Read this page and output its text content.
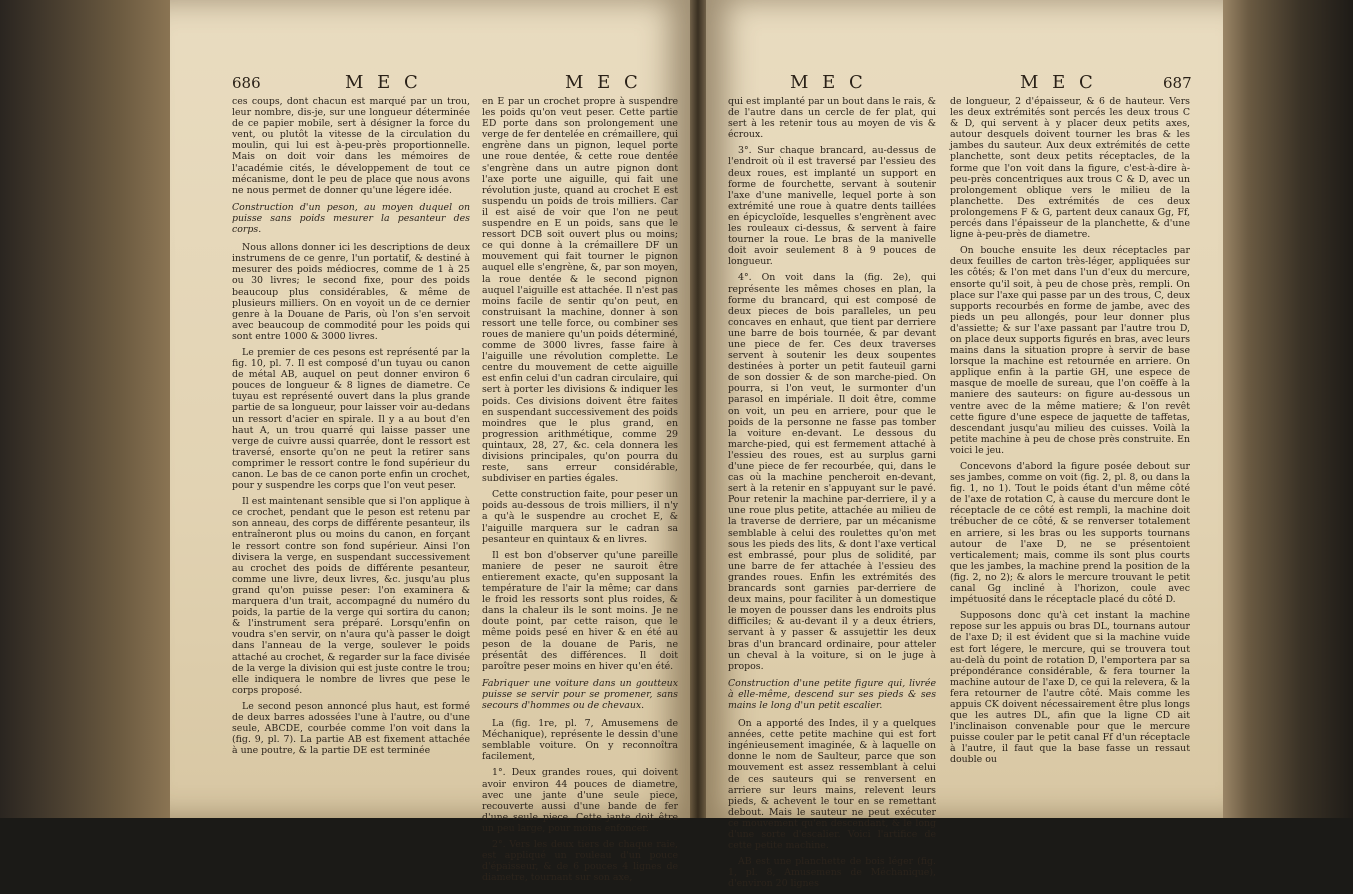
686	M E C	M E C

ces coups, dont chacun est marqué par un trou, leur nombre, dis-je, sur une longueur déterminée de ce papier mobile, sert à désigner la force du vent, ou plutôt la vitesse de la circulation du moulin, qui lui est à-peu-près proportionnelle. Mais on doit voir dans les mémoires de l'académie cités, le développement de tout ce mécanisme, dont le peu de place que nous avons ne nous permet de donner qu'une légere idée.

Construction d'un peson, au moyen duquel on puisse sans poids mesurer la pesanteur des corps.

Nous allons donner ici les descriptions de deux instrumens de ce genre, l'un portatif, & destiné à mesurer des poids médiocres, comme de 1 à 25 ou 30 livres; le second fixe, pour des poids beaucoup plus considérables, & même de plusieurs milliers. On en voyoit un de ce dernier genre à la Douane de Paris, où l'on s'en servoit avec beaucoup de commodité pour les poids qui sont entre 1000 & 3000 livres.

Le premier de ces pesons est représenté par la fig. 10, pl. 7. Il est composé d'un tuyau ou canon de métal AB, auquel on peut donner environ 6 pouces de longueur & 8 lignes de diametre. Ce tuyau est représenté ouvert dans la plus grande partie de sa longueur, pour laisser voir au-dedans un ressort d'acier en spirale. Il y a au bout d'en haut A, un trou quarré qui laisse passer une verge de cuivre aussi quarrée, dont le ressort est traversé, ensorte qu'on ne peut la retirer sans comprimer le ressort contre le fond supérieur du canon. Le bas de ce canon porte enfin un crochet, pour y suspendre les corps que l'on veut peser.

Il est maintenant sensible que si l'on applique à ce crochet, pendant que le peson est retenu par son anneau, des corps de différente pesanteur, ils entraîneront plus ou moins du canon, en forçant le ressort contre son fond supérieur. Ainsi l'on divisera la verge, en suspendant successivement au crochet des poids de différente pesanteur, comme une livre, deux livres, &c. jusqu'au plus grand qu'on puisse peser: l'on examinera & marquera d'un trait, accompagné du numéro du poids, la partie de la verge qui sortira du canon; & l'instrument sera préparé. Lorsqu'enfin on voudra s'en servir, on n'aura qu'à passer le doigt dans l'anneau de la verge, soulever le poids attaché au crochet, & regarder sur la face divisée de la verge la division qui est juste contre le trou; elle indiquera le nombre de livres que pese le corps proposé.

Le second peson annoncé plus haut, est formé de deux barres adossées l'une à l'autre, ou d'une seule, ABCDE, courbée comme l'on voit dans la (fig. 9, pl. 7). La partie AB est fixement attachée à une poutre, & la partie DE est terminée

en E par un crochet propre à suspendre les poids qu'on veut peser. Cette partie ED porte dans son prolongement une verge de fer dentelée en crémaillere, qui engrène dans un pignon, lequel porte une roue dentée, & cette roue dentée s'engrène dans un autre pignon dont l'axe porte une aiguille, qui fait une révolution juste, quand au crochet E est suspendu un poids de trois milliers. Car il est aisé de voir que l'on ne peut suspendre en E un poids, sans que le ressort DCB soit ouvert plus ou moins; ce qui donne à la crémaillere DF un mouvement qui fait tourner le pignon auquel elle s'engrène, &, par son moyen, la roue dentée & le second pignon auquel l'aiguille est attachée. Il n'est pas moins facile de sentir qu'on peut, en construisant la machine, donner à son ressort une telle force, ou combiner ses roues de maniere qu'un poids déterminé, comme de 3000 livres, fasse faire à l'aiguille une révolution complette. Le centre du mouvement de cette aiguille est enfin celui d'un cadran circulaire, qui sert à porter les divisions & indiquer les poids. Ces divisions doivent être faites en suspendant successivement des poids moindres que le plus grand, en progression arithmétique, comme 29 quintaux, 28, 27, &c. cela donnera les divisions principales, qu'on pourra du reste, sans erreur considérable, subdiviser en parties égales.

Cette construction faite, pour peser un poids au-dessous de trois milliers, il n'y a qu'à le suspendre au crochet E, & l'aiguille marquera sur le cadran sa pesanteur en quintaux & en livres.

Il est bon d'observer qu'une pareille maniere de peser ne sauroit être entierement exacte, qu'en supposant la température de l'air la même; car dans le froid les ressorts sont plus roides, & dans la chaleur ils le sont moins. Je ne doute point, par cette raison, que le même poids pesé en hiver & en été au peson de la douane de Paris, ne présentât des différences. Il doit paroître peser moins en hiver qu'en été.

Fabriquer une voiture dans un goutteux puisse se servir pour se promener, sans secours d'hommes ou de chevaux.

La (fig. 1re, pl. 7, Amusemens de Méchanique), représente le dessin d'une semblable voiture. On y reconnoîtra facilement,

1°. Deux grandes roues, qui doivent avoir environ 44 pouces de diametre, avec une jante d'une seule piece, recouverte aussi d'une bande de fer d'une seule piece. Cette jante doit être un peu large, pour moins enfoncer.

2°. Vers les deux tiers de chaque raie, est appliqué un rouleau d'un pouce d'épaisseur, & de 6 pouces 4 lignes de diametre, tournant sur son axe,

M E C	M E C	687

qui est implanté par un bout dans le rais, & de l'autre dans un cercle de fer plat, qui sert à les retenir tous au moyen de vis & écroux.

3°. Sur chaque brancard, au-dessus de l'endroit où il est traversé par l'essieu des deux roues, est implanté un support en forme de fourchette, servant à soutenir l'axe d'une manivelle, lequel porte à son extrémité une roue à quatre dents taillées en épicycloïde, lesquelles s'engrènent avec les rouleaux ci-dessus, & servent à faire tourner la roue. Le bras de la manivelle doit avoir seulement 8 à 9 pouces de longueur.

4°. On voit dans la (fig. 2e), qui représente les mêmes choses en plan, la forme du brancard, qui est composé de deux pieces de bois paralleles, un peu concaves en enhaut, que tient par derriere une barre de bois tournée, & par devant une piece de fer. Ces deux traverses servent à soutenir les deux soupentes destinées à porter un petit fauteuil garni de son dossier & de son marche-pied. On pourra, si l'on veut, le surmonter d'un parasol en impériale. Il doit être, comme on voit, un peu en arriere, pour que le poids de la personne ne fasse pas tomber la voiture en-devant. Le dessous du marche-pied, qui est fermement attaché à l'essieu des roues, est au surplus garni d'une piece de fer recourbée, qui, dans le cas où la machine pencheroit en-devant, sert à la retenir en s'appuyant sur le pavé. Pour retenir la machine par-derriere, il y a une roue plus petite, attachée au milieu de la traverse de derriere, par un mécanisme semblable à celui des roulettes qu'on met sous les pieds des lits, & dont l'axe vertical est embrassé, pour plus de solidité, par une barre de fer attachée à l'essieu des grandes roues. Enfin les extrémités des brancards sont garnies par-derriere de deux mains, pour faciliter à un domestique le moyen de pousser dans les endroits plus difficiles; & au-devant il y a deux étriers, servant à y passer & assujettir les deux bras d'un brancard ordinaire, pour atteler un cheval à la voiture, si on le juge à propos.

Construction d'une petite figure qui, livrée à elle-même, descend sur ses pieds & ses mains le long d'un petit escalier.

On a apporté des Indes, il y a quelques années, cette petite machine qui est fort ingénieusement imaginée, & à laquelle on donne le nom de Saulteur, parce que son mouvement est assez ressemblant à celui de ces sauteurs qui se renversent en arriere sur leurs mains, relevent leurs pieds, & achevent le tour en se remettant debout. Mais le sauteur ne peut exécuter ce mouvement qu'en descendant, & le long d'une sorte d'escalier. Voici l'artifice de cette petite machine.

AB est une planchette de bois léger (fig. 1, pl. 8, Amusemens de Méchanique), d'environ 20 lignes

de longueur, 2 d'épaisseur, & 6 de hauteur. Vers les deux extrémités sont percés les deux trous C & D, qui servent à y placer deux petits axes, autour desquels doivent tourner les bras & les jambes du sauteur. Aux deux extrémités de cette planchette, sont deux petits réceptacles, de la forme que l'on voit dans la figure, c'est-à-dire à-peu-près concentriques aux trous C & D, avec un prolongement oblique vers le milieu de la planchette. Des extrémités de ces deux prolongemens F & G, partent deux canaux Gg, Ff, percés dans l'épaisseur de la planchette, & d'une ligne à-peu-près de diametre.

On bouche ensuite les deux réceptacles par deux feuilles de carton très-léger, appliquées sur les côtés; & l'on met dans l'un d'eux du mercure, ensorte qu'il soit, à peu de chose près, rempli. On place sur l'axe qui passe par un des trous, C, deux supports recourbés en forme de jambe, avec des pieds un peu allongés, pour leur donner plus d'assiette; & sur l'axe passant par l'autre trou D, on place deux supports figurés en bras, avec leurs mains dans la situation propre à servir de base lorsque la machine est retournée en arriere. On applique enfin à la partie GH, une espece de masque de moelle de sureau, que l'on coëffe à la maniere des sauteurs: on figure au-dessous un ventre avec de la même matiere; & l'on revêt cette figure d'une espece de jaquette de taffetas, descendant jusqu'au milieu des cuisses. Voilà la petite machine à peu de chose près construite. En voici le jeu.

Concevons d'abord la figure posée debout sur ses jambes, comme on voit (fig. 2, pl. 8, ou dans la fig. 1, no 1). Tout le poids étant d'un même côté de l'axe de rotation C, à cause du mercure dont le réceptacle de ce côté est rempli, la machine doit trébucher de ce côté, & se renverser totalement en arriere, si les bras ou les supports tournans autour de l'axe D, ne se présentoient verticalement; mais, comme ils sont plus courts que les jambes, la machine prend la position de la (fig. 2, no 2); & alors le mercure trouvant le petit canal Gg incliné à l'horizon, coule avec impétuosité dans le réceptacle placé du côté D.

Supposons donc qu'à cet instant la machine repose sur les appuis ou bras DL, tournans autour de l'axe D; il est évident que si la machine vuide est fort légere, le mercure, qui se trouvera tout au-delà du point de rotation D, l'emportera par sa prépondérance considérable, & fera tourner la machine autour de l'axe D, ce qui la relevera, & la fera retourner de l'autre côté. Mais comme les appuis CK doivent nécessairement être plus longs que les autres DL, afin que la ligne CD ait l'inclinaison convenable pour que le mercure puisse couler par le petit canal Ff d'un réceptacle à l'autre, il faut que la base fasse un ressaut double ou
